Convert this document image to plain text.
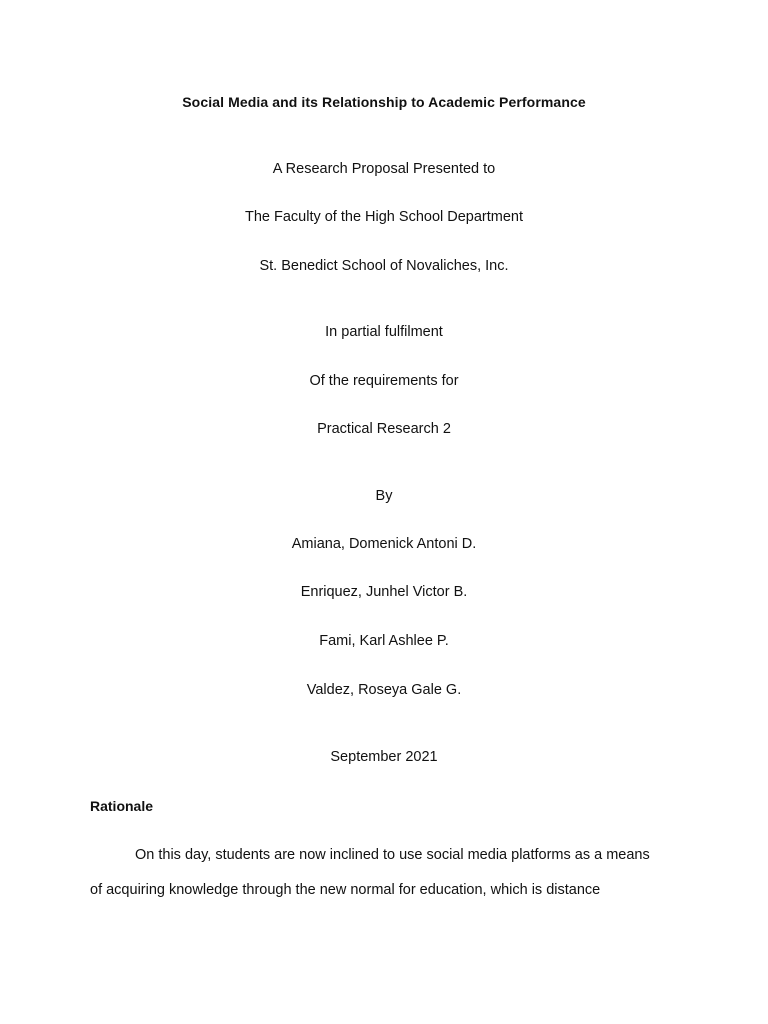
Social Media and its Relationship to Academic Performance
A Research Proposal Presented to
The Faculty of the High School Department
St. Benedict School of Novaliches, Inc.
In partial fulfilment
Of the requirements for
Practical Research 2
By
Amiana, Domenick Antoni D.
Enriquez, Junhel Victor B.
Fami, Karl Ashlee P.
Valdez, Roseya Gale G.
September 2021
Rationale
On this day, students are now inclined to use social media platforms as a means
of acquiring knowledge through the new normal for education, which is distance
